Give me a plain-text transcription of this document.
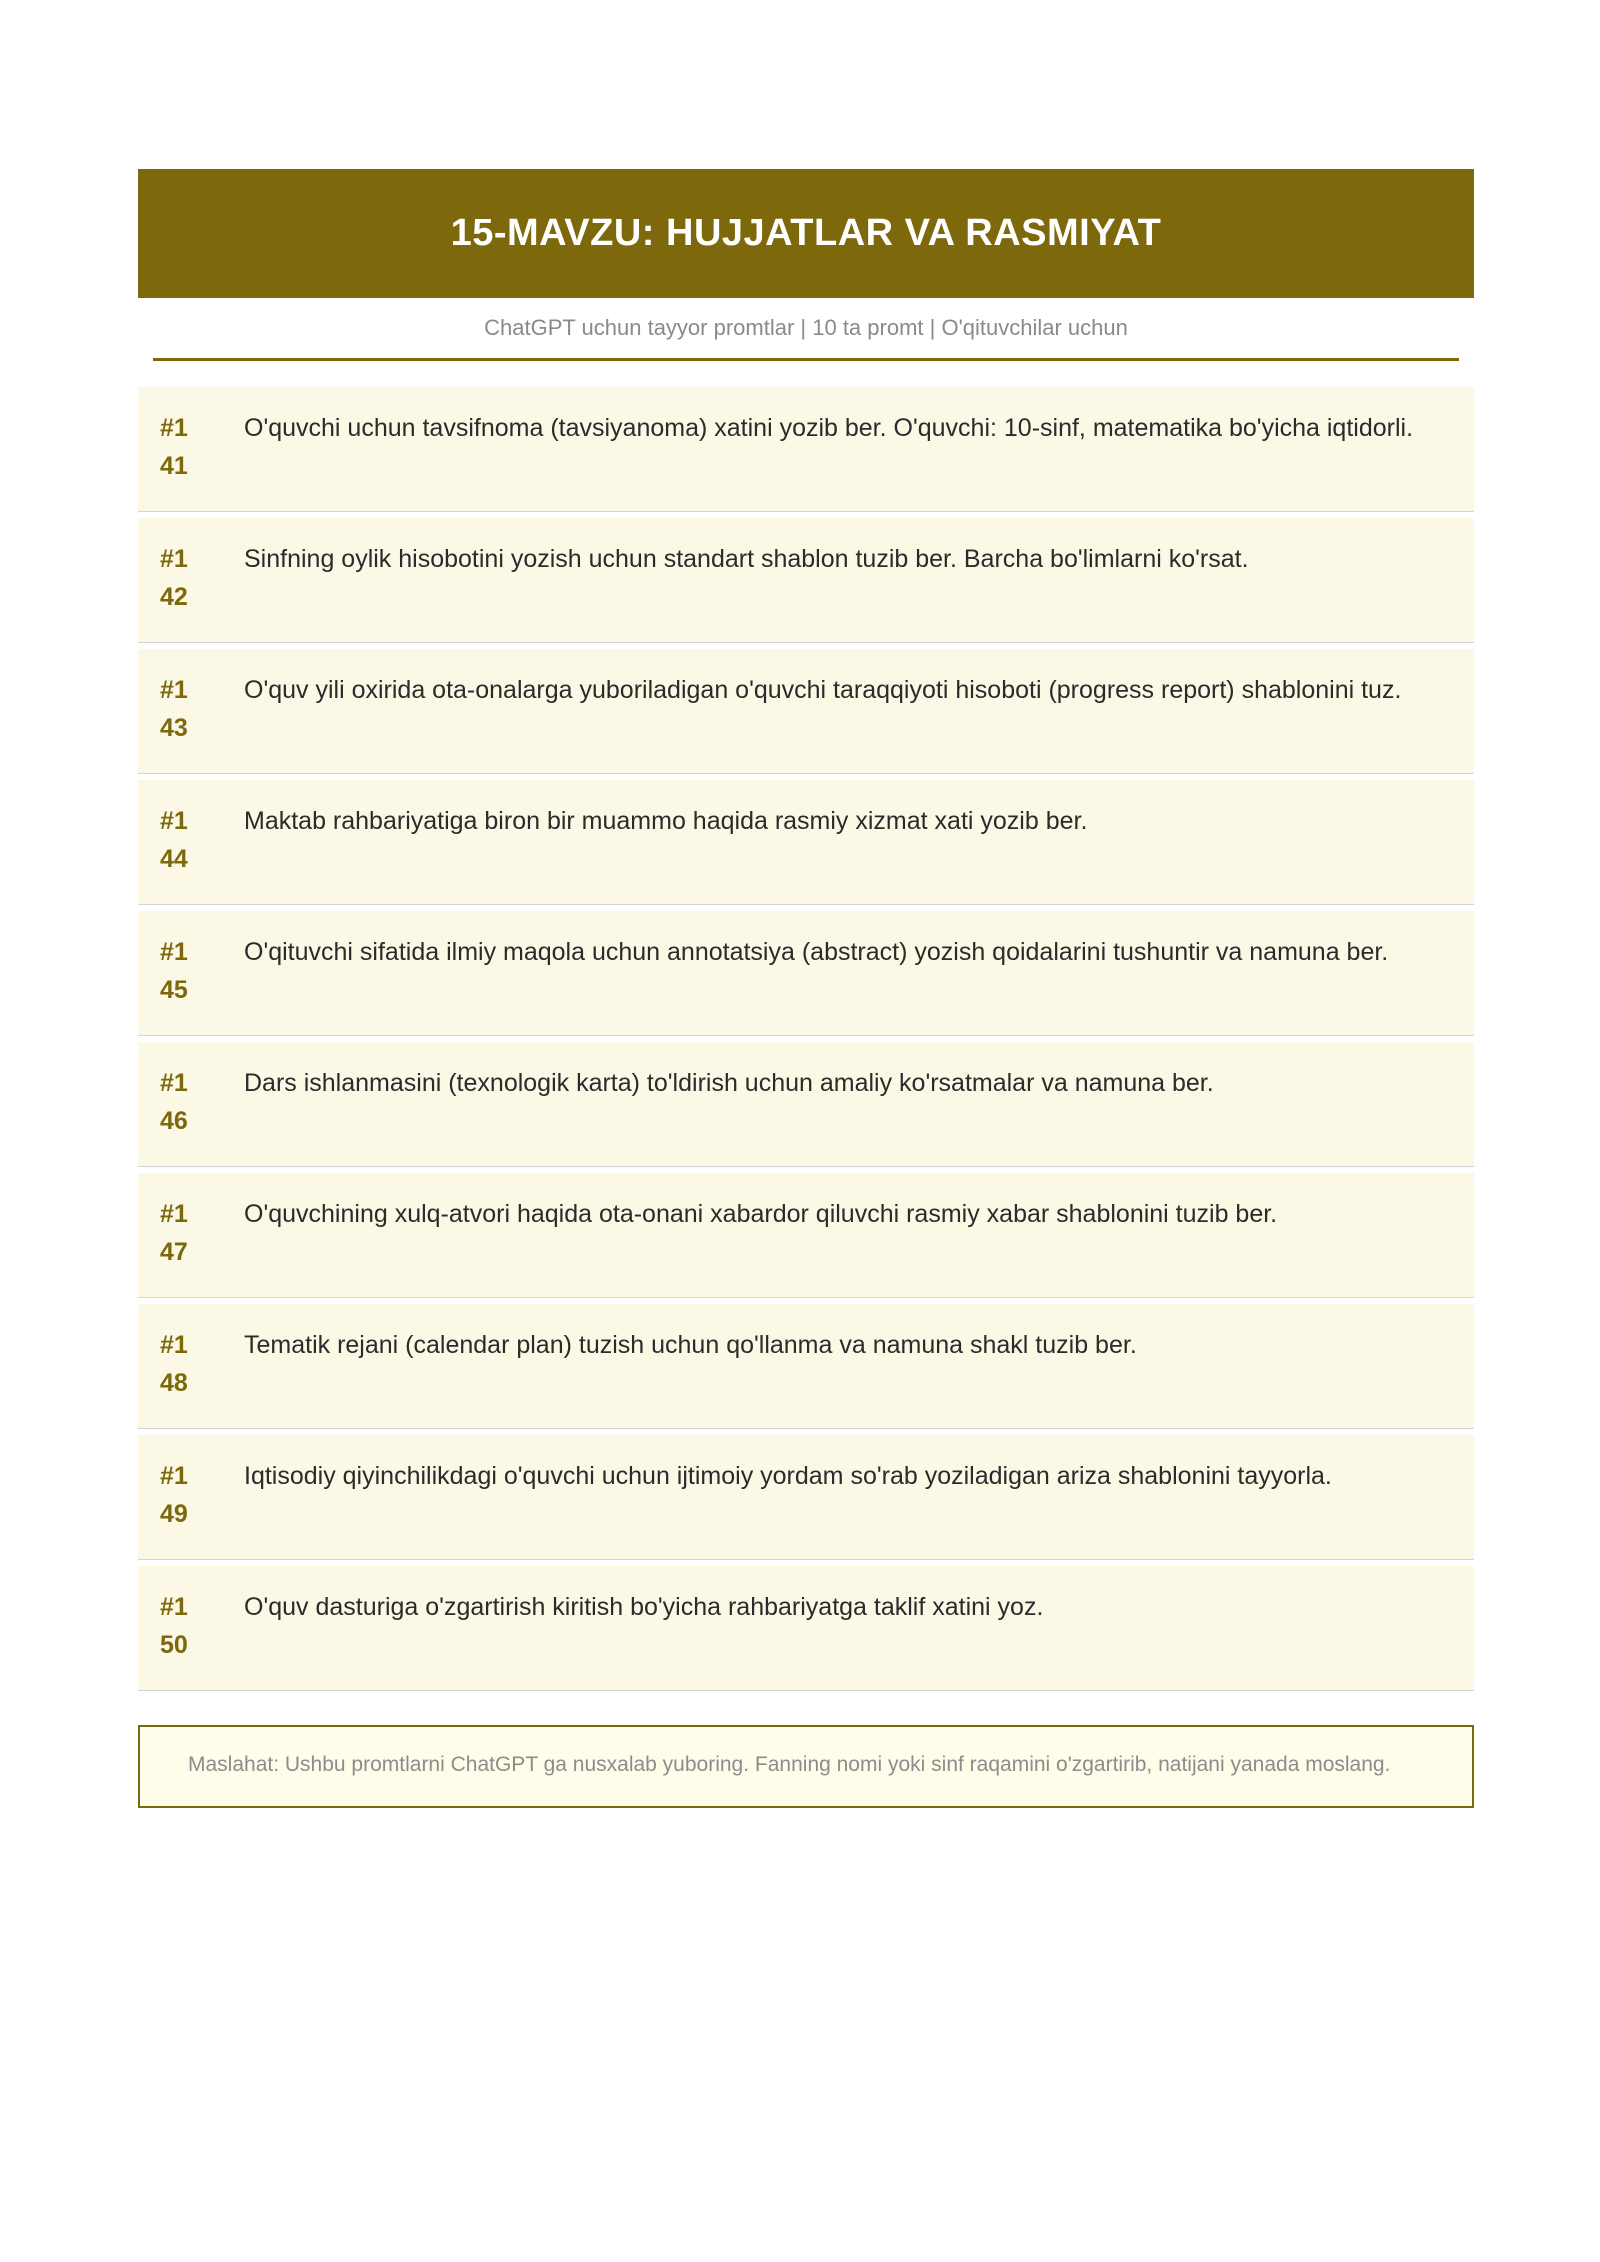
15-MAVZU: HUJJATLAR VA RASMIYAT
ChatGPT uchun tayyor promtlar | 10 ta promt | O'qituvchilar uchun
#1
41
O'quvchi uchun tavsifnoma (tavsiyanoma) xatini yozib ber. O'quvchi: 10-sinf, matematika bo'yicha iqtidorli.
#1
42
Sinfning oylik hisobotini yozish uchun standart shablon tuzib ber. Barcha bo'limlarni ko'rsat.
#1
43
O'quv yili oxirida ota-onalarga yuboriladigan o'quvchi taraqqiyoti hisoboti (progress report) shablonini tuz.
#1
44
Maktab rahbariyatiga biron bir muammo haqida rasmiy xizmat xati yozib ber.
#1
45
O'qituvchi sifatida ilmiy maqola uchun annotatsiya (abstract) yozish qoidalarini tushuntir va namuna ber.
#1
46
Dars ishlanmasini (texnologik karta) to'ldirish uchun amaliy ko'rsatmalar va namuna ber.
#1
47
O'quvchining xulq-atvori haqida ota-onani xabardor qiluvchi rasmiy xabar shablonini tuzib ber.
#1
48
Tematik rejani (calendar plan) tuzish uchun qo'llanma va namuna shakl tuzib ber.
#1
49
Iqtisodiy qiyinchilikdagi o'quvchi uchun ijtimoiy yordam so'rab yoziladigan ariza shablonini tayyorla.
#1
50
O'quv dasturiga o'zgartirish kiritish bo'yicha rahbariyatga taklif xatini yoz.
Maslahat: Ushbu promtlarni ChatGPT ga nusxalab yuboring. Fanning nomi yoki sinf raqamini o'zgartirib, natijani yanada moslang.
